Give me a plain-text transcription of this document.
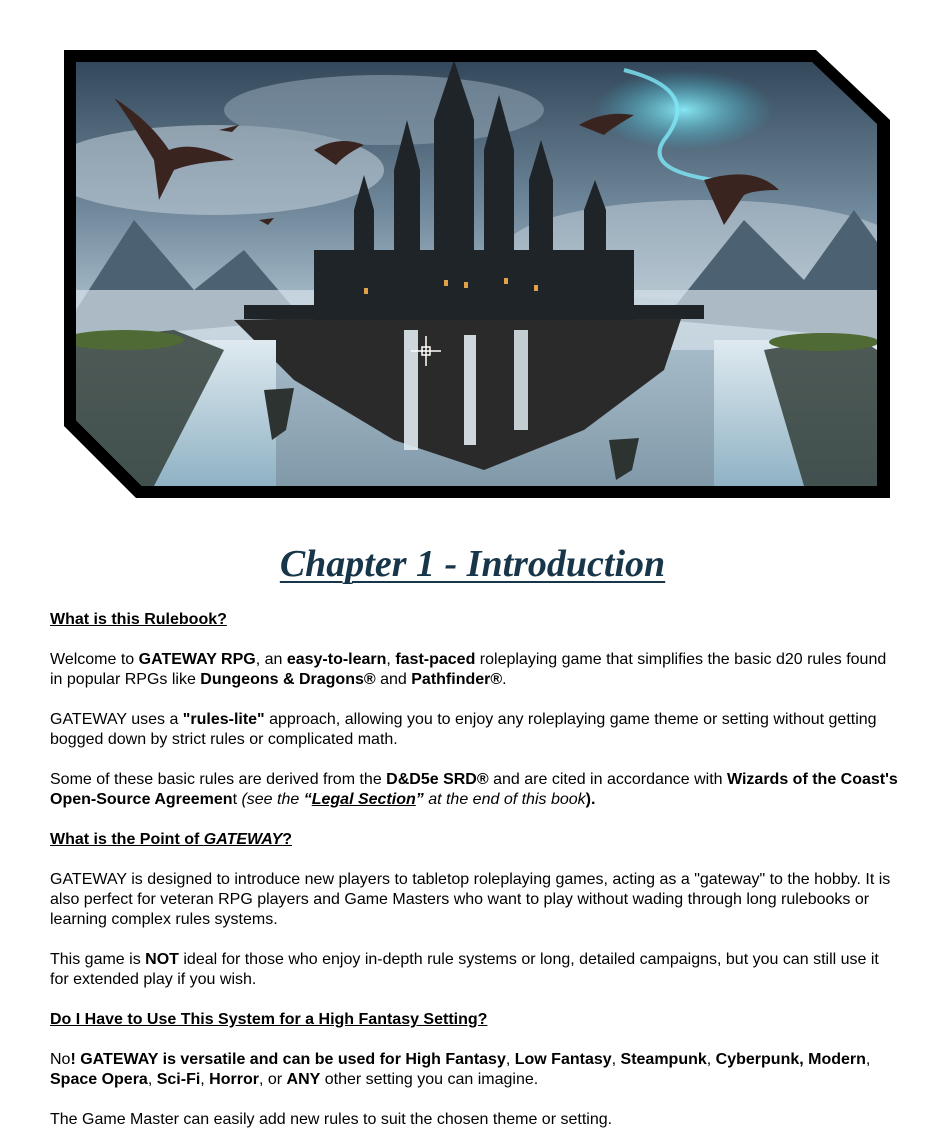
Chapter 1 - Introduction
What is this Rulebook?

Welcome to GATEWAY RPG, an easy-to-learn, fast-paced roleplaying game that simplifies the basic d20 rules found in popular RPGs like Dungeons & Dragons® and Pathfinder®.

GATEWAY uses a "rules-lite" approach, allowing you to enjoy any roleplaying game theme or setting without getting bogged down by strict rules or complicated math.

Some of these basic rules are derived from the D&D5e SRD® and are cited in accordance with Wizards of the Coast's Open-Source Agreement (see the “Legal Section” at the end of this book).

What is the Point of GATEWAY?

GATEWAY is designed to introduce new players to tabletop roleplaying games, acting as a "gateway" to the hobby. It is also perfect for veteran RPG players and Game Masters who want to play without wading through long rulebooks or learning complex rules systems.

This game is NOT ideal for those who enjoy in-depth rule systems or long, detailed campaigns, but you can still use it for extended play if you wish.

Do I Have to Use This System for a High Fantasy Setting?

No! GATEWAY is versatile and can be used for High Fantasy, Low Fantasy, Steampunk, Cyberpunk, Modern, Space Opera, Sci-Fi, Horror, or ANY other setting you can imagine.

The Game Master can easily add new rules to suit the chosen theme or setting.
